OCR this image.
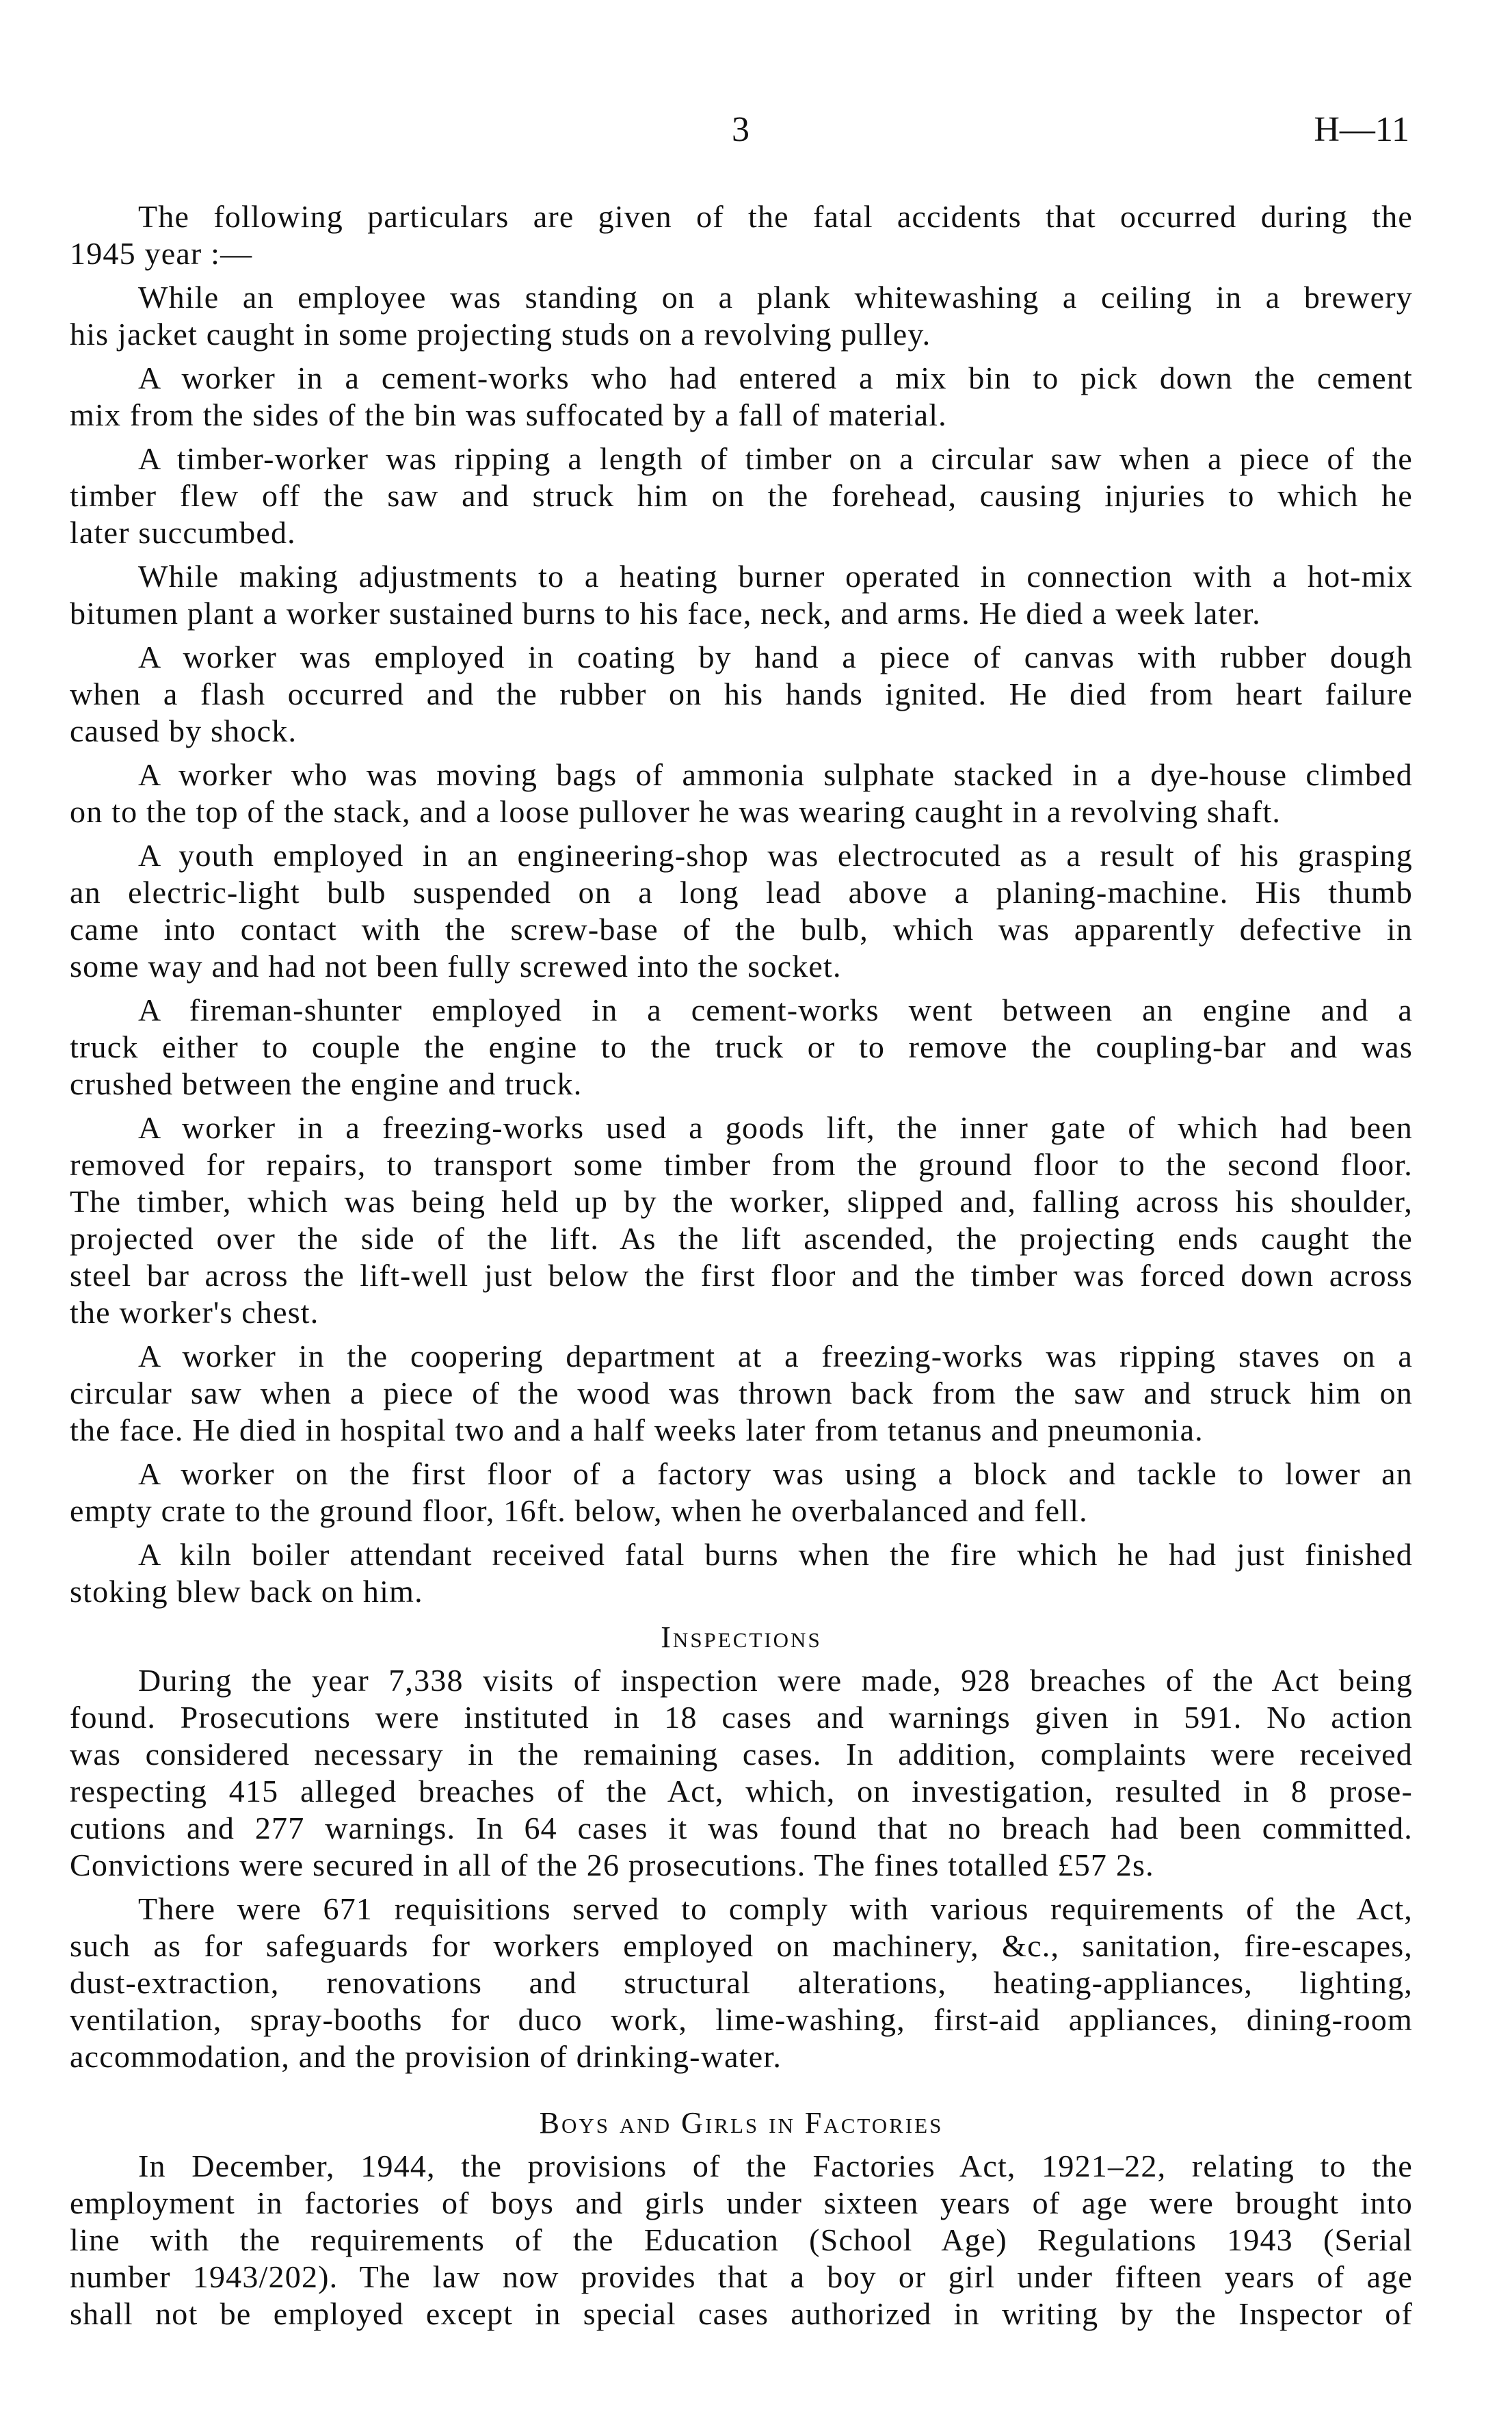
3	H—11
The following particulars are given of the fatal accidents that occurred during the
1945 year :—
While an employee was standing on a plank whitewashing a ceiling in a brewery
his jacket caught in some projecting studs on a revolving pulley.
A worker in a cement-works who had entered a mix bin to pick down the cement
mix from the sides of the bin was suffocated by a fall of material.
A timber-worker was ripping a length of timber on a circular saw when a piece of the
timber flew off the saw and struck him on the forehead, causing injuries to which he
later succumbed.
While making adjustments to a heating burner operated in connection with a hot-mix
bitumen plant a worker sustained burns to his face, neck, and arms. He died a week later.
A worker was employed in coating by hand a piece of canvas with rubber dough
when a flash occurred and the rubber on his hands ignited. He died from heart failure
caused by shock.
A worker who was moving bags of ammonia sulphate stacked in a dye-house climbed
on to the top of the stack, and a loose pullover he was wearing caught in a revolving shaft.
A youth employed in an engineering-shop was electrocuted as a result of his grasping
an electric-light bulb suspended on a long lead above a planing-machine. His thumb
came into contact with the screw-base of the bulb, which was apparently defective in
some way and had not been fully screwed into the socket.
A fireman-shunter employed in a cement-works went between an engine and a
truck either to couple the engine to the truck or to remove the coupling-bar and was
crushed between the engine and truck.
A worker in a freezing-works used a goods lift, the inner gate of which had been
removed for repairs, to transport some timber from the ground floor to the second floor.
The timber, which was being held up by the worker, slipped and, falling across his shoulder,
projected over the side of the lift. As the lift ascended, the projecting ends caught the
steel bar across the lift-well just below the first floor and the timber was forced down across
the worker's chest.
A worker in the coopering department at a freezing-works was ripping staves on a
circular saw when a piece of the wood was thrown back from the saw and struck him on
the face. He died in hospital two and a half weeks later from tetanus and pneumonia.
A worker on the first floor of a factory was using a block and tackle to lower an
empty crate to the ground floor, 16ft. below, when he overbalanced and fell.
A kiln boiler attendant received fatal burns when the fire which he had just finished
stoking blew back on him.
Inspections
During the year 7,338 visits of inspection were made, 928 breaches of the Act being
found. Prosecutions were instituted in 18 cases and warnings given in 591. No action
was considered necessary in the remaining cases. In addition, complaints were received
respecting 415 alleged breaches of the Act, which, on investigation, resulted in 8 prose-
cutions and 277 warnings. In 64 cases it was found that no breach had been committed.
Convictions were secured in all of the 26 prosecutions. The fines totalled £57 2s.
There were 671 requisitions served to comply with various requirements of the Act,
such as for safeguards for workers employed on machinery, &c., sanitation, fire-escapes,
dust-extraction, renovations and structural alterations, heating-appliances, lighting,
ventilation, spray-booths for duco work, lime-washing, first-aid appliances, dining-room
accommodation, and the provision of drinking-water.
Boys and Girls in Factories
In December, 1944, the provisions of the Factories Act, 1921–22, relating to the
employment in factories of boys and girls under sixteen years of age were brought into
line with the requirements of the Education (School Age) Regulations 1943 (Serial
number 1943/202). The law now provides that a boy or girl under fifteen years of age
shall not be employed except in special cases authorized in writing by the Inspector of
